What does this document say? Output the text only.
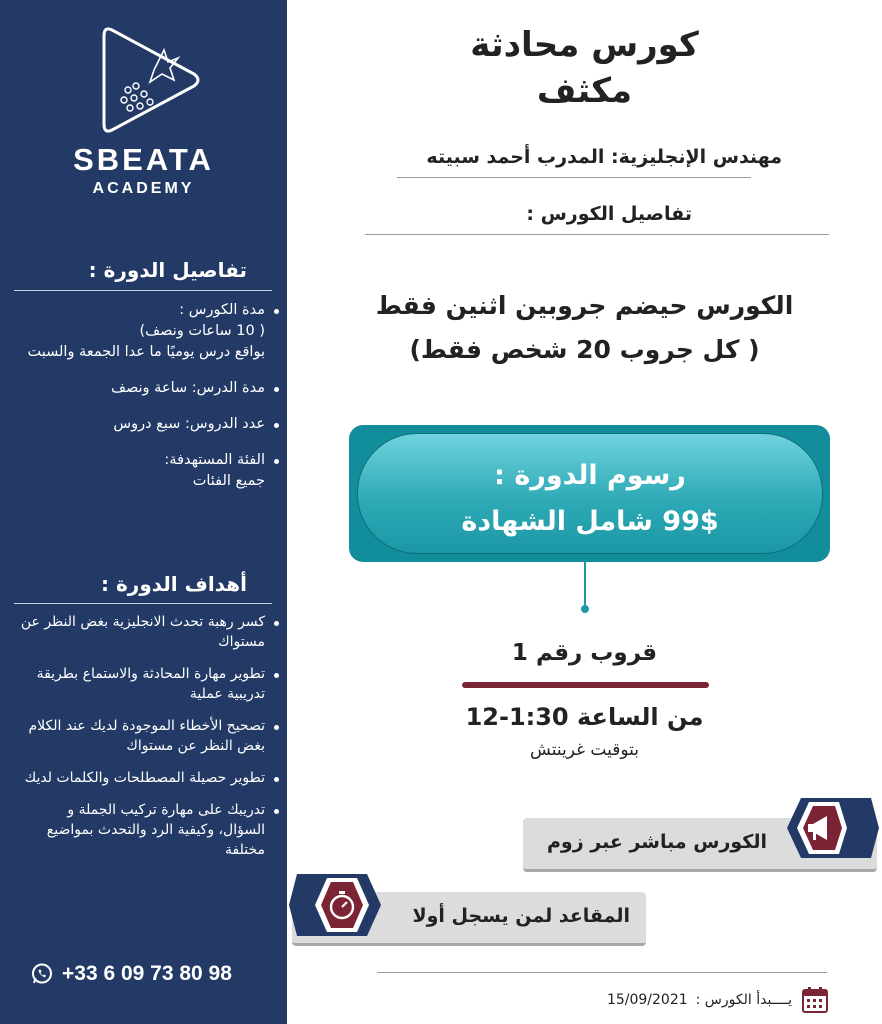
SBEATA
ACADEMY
تفاصيل الدورة :
مدة الكورس :
( 10 ساعات ونصف)
بواقع درس يوميًا ما عدا الجمعة والسبت
مدة الدرس: ساعة ونصف
عدد الدروس: سبع دروس
الفئة المستهدفة:
جميع الفئات
أهداف الدورة :
كسر رهبة تحدث الانجليزية بغض النظر عن مستواك
تطوير مهارة المحادثة والاستماع بطريقة تدريبية عملية
تصحيح الأخطاء الموجودة لديك عند الكلام بغض النظر عن مستواك
تطوير حصيلة المصطلحات والكلمات لديك
تدريبك على مهارة تركيب الجملة و السؤال، وكيفية الرد والتحدث بمواضيع مختلفة
+33 6 09 73 80 98
كورس محادثة
مكثف
مهندس الإنجليزية: المدرب أحمد سبيته
تفاصيل الكورس :
الكورس حيضم جروبين اثنين فقط
( كل جروب 20 شخص فقط)
رسوم الدورة :
99$ شامل الشهادة
قروب رقم 1
من الساعة 1:30-12
بتوقيت غرينتش
الكورس مباشر عبر زوم
المقاعد لمن يسجل أولا
يــــبدأ الكورس :
15/09/2021
